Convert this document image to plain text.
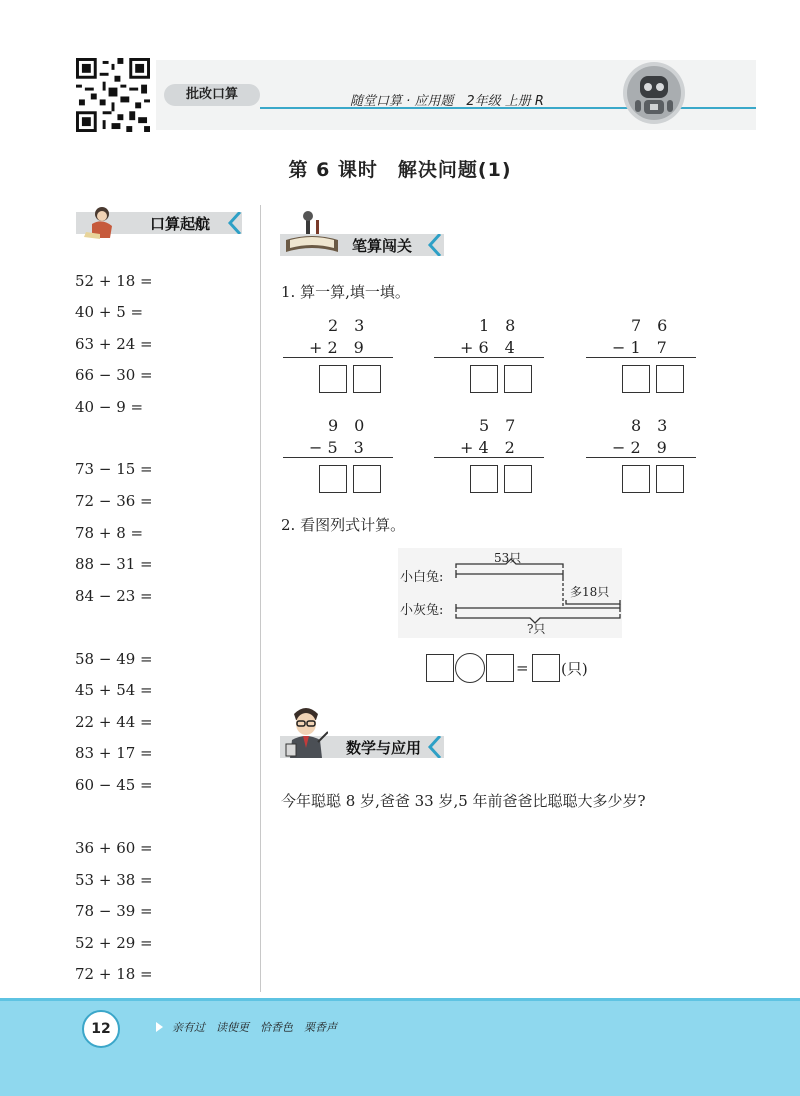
批改口算	随堂口算 · 应用题　2年级 上册 R
第 6 课时　解决问题(1)
口算起航
52 + 18 =
40 + 5 =
63 + 24 =
66 − 30 =
40 − 9 =
73 − 15 =
72 − 36 =
78 + 8 =
88 − 31 =
84 − 23 =
58 − 49 =
45 + 54 =
22 + 44 =
83 + 17 =
60 − 45 =
36 + 60 =
53 + 38 =
78 − 39 =
52 + 29 =
72 + 18 =
笔算闯关
1. 算一算,填一填。
2　3
+ 2　9
1　8
+ 6　4
7　6
− 1　7
9　0
− 5　3
5　7
+ 4　2
8　3
− 2　9
2. 看图列式计算。
小白兔:
小灰兔:
53只
多18只
?只
= (只)
数学与应用
今年聪聪 8 岁,爸爸 33 岁,5 年前爸爸比聪聪大多少岁?
12	亲有过　读使更　恰香色　栗香声
